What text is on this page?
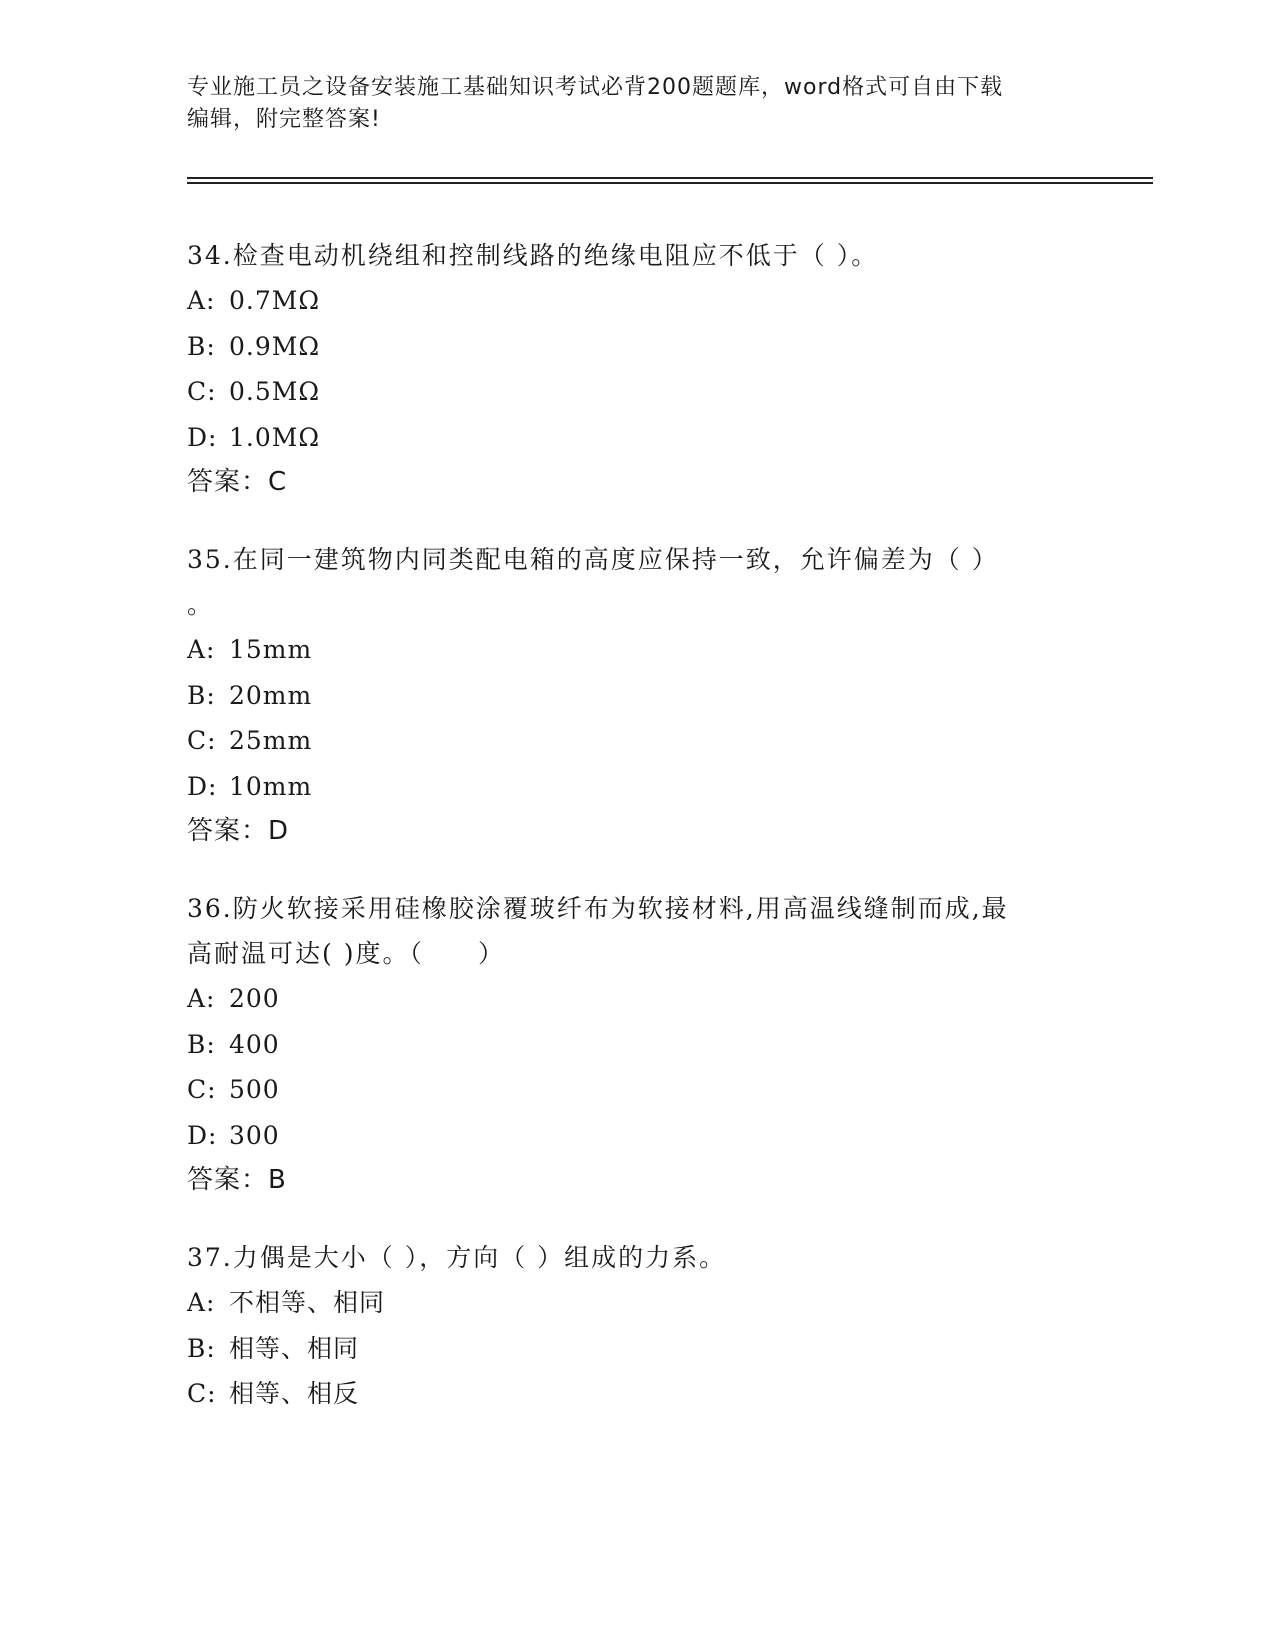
专业施工员之设备安装施工基础知识考试必背200题题库，word格式可自由下载
编辑，附完整答案!

34.检查电动机绕组和控制线路的绝缘电阻应不低于（ ）。

A: 0.7MΩ
B: 0.9MΩ
C: 0.5MΩ
D: 1.0MΩ

答案：C

35.在同一建筑物内同类配电箱的高度应保持一致，允许偏差为（ ）

。

A: 15mm
B: 20mm
C: 25mm
D: 10mm

答案：D

36.防火软接采用硅橡胶涂覆玻纤布为软接材料,用高温线缝制而成,最

高耐温可达( )度。（　　）

A: 200
B: 400
C: 500
D: 300

答案：B

37.力偶是大小（ ），方向（ ）组成的力系。

A: 不相等、相同
B: 相等、相同
C: 相等、相反
